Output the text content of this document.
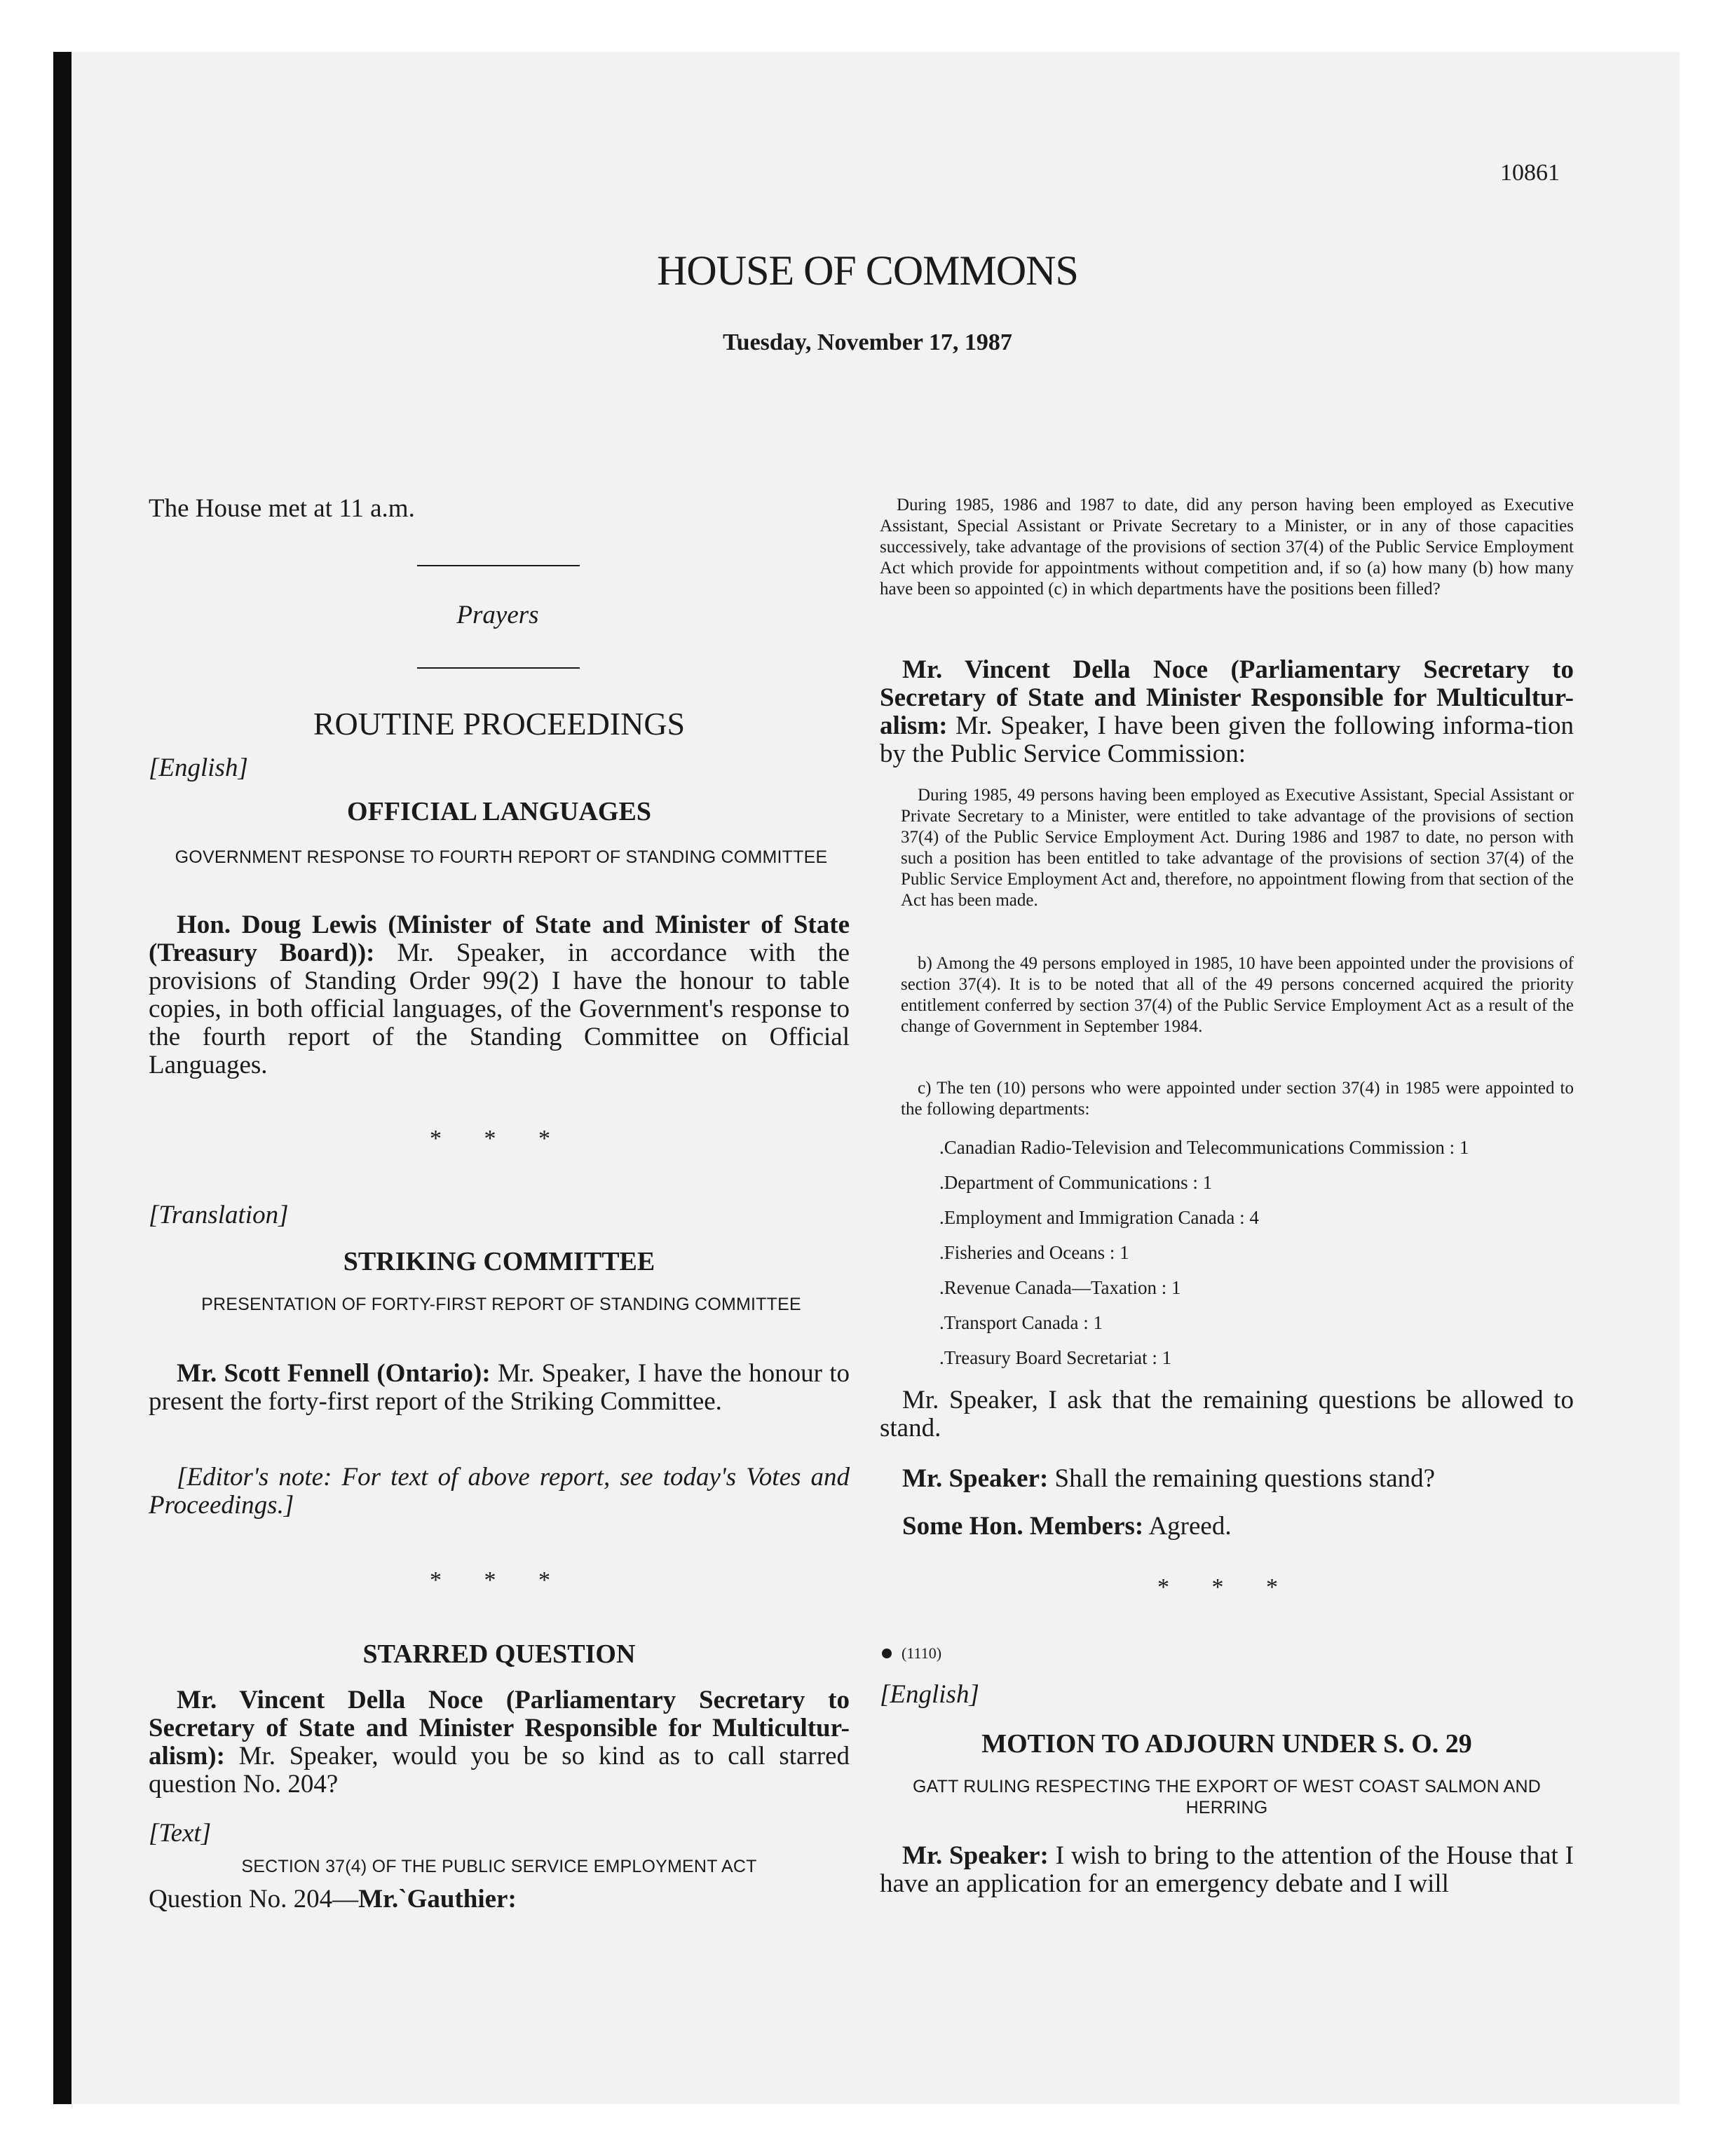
10861
HOUSE OF COMMONS
Tuesday, November 17, 1987
The House met at 11 a.m.
Prayers
ROUTINE PROCEEDINGS
[English]
OFFICIAL LANGUAGES
GOVERNMENT RESPONSE TO FOURTH REPORT OF STANDING COMMITTEE
Hon. Doug Lewis (Minister of State and Minister of State (Treasury Board)): Mr. Speaker, in accordance with the provisions of Standing Order 99(2) I have the honour to table copies, in both official languages, of the Government's response to the fourth report of the Standing Committee on Official Languages.
* * *
[Translation]
STRIKING COMMITTEE
PRESENTATION OF FORTY-FIRST REPORT OF STANDING COMMITTEE
Mr. Scott Fennell (Ontario): Mr. Speaker, I have the honour to present the forty-first report of the Striking Committee.
[Editor's note: For text of above report, see today's Votes and Proceedings.]
* * *
STARRED QUESTION
Mr. Vincent Della Noce (Parliamentary Secretary to Secretary of State and Minister Responsible for Multicultur-alism): Mr. Speaker, would you be so kind as to call starred question No. 204?
[Text]
SECTION 37(4) OF THE PUBLIC SERVICE EMPLOYMENT ACT
Question No. 204—Mr.`Gauthier:
During 1985, 1986 and 1987 to date, did any person having been employed as Executive Assistant, Special Assistant or Private Secretary to a Minister, or in any of those capacities successively, take advantage of the provisions of section 37(4) of the Public Service Employment Act which provide for appointments without competition and, if so (a) how many (b) how many have been so appointed (c) in which departments have the positions been filled?
Mr. Vincent Della Noce (Parliamentary Secretary to Secretary of State and Minister Responsible for Multicultur-alism: Mr. Speaker, I have been given the following informa-tion by the Public Service Commission:
During 1985, 49 persons having been employed as Executive Assistant, Special Assistant or Private Secretary to a Minister, were entitled to take advantage of the provisions of section 37(4) of the Public Service Employment Act. During 1986 and 1987 to date, no person with such a position has been entitled to take advantage of the provisions of section 37(4) of the Public Service Employment Act and, therefore, no appointment flowing from that section of the Act has been made.
b) Among the 49 persons employed in 1985, 10 have been appointed under the provisions of section 37(4). It is to be noted that all of the 49 persons concerned acquired the priority entitlement conferred by section 37(4) of the Public Service Employment Act as a result of the change of Government in September 1984.
c) The ten (10) persons who were appointed under section 37(4) in 1985 were appointed to the following departments:
.Canadian Radio-Television and Telecommunications Commission : 1
.Department of Communications : 1
.Employment and Immigration Canada : 4
.Fisheries and Oceans : 1
.Revenue Canada—Taxation : 1
.Transport Canada : 1
.Treasury Board Secretariat : 1
Mr. Speaker, I ask that the remaining questions be allowed to stand.
Mr. Speaker: Shall the remaining questions stand?
Some Hon. Members: Agreed.
* * *
(1110)
[English]
MOTION TO ADJOURN UNDER S. O. 29
GATT RULING RESPECTING THE EXPORT OF WEST COAST SALMON AND HERRING
Mr. Speaker: I wish to bring to the attention of the House that I have an application for an emergency debate and I will
